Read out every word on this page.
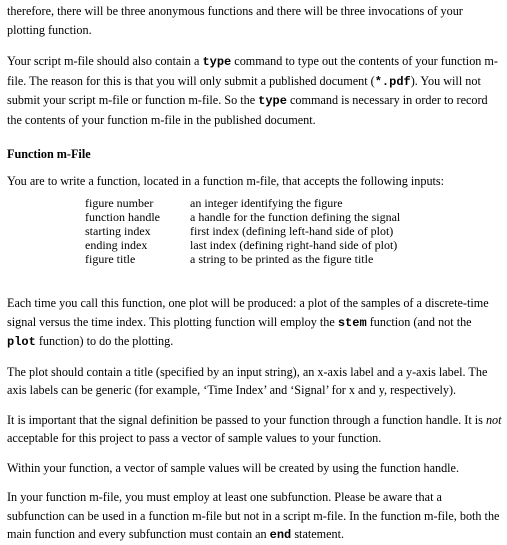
therefore, there will be three anonymous functions and there will be three invocations of your plotting function.

Your script m-file should also contain a type command to type out the contents of your function m-file. The reason for this is that you will only submit a published document (*.pdf). You will not submit your script m-file or function m-file. So the type command is necessary in order to record the contents of your function m-file in the published document.

Function m-File

You are to write a function, located in a function m-file, that accepts the following inputs:

figure number	an integer identifying the figure
function handle	a handle for the function defining the signal
starting index	first index (defining left-hand side of plot)
ending index	last index (defining right-hand side of plot)
figure title	a string to be printed as the figure title

Each time you call this function, one plot will be produced: a plot of the samples of a discrete-time signal versus the time index. This plotting function will employ the stem function (and not the plot function) to do the plotting.

The plot should contain a title (specified by an input string), an x-axis label and a y-axis label. The axis labels can be generic (for example, ‘Time Index’ and ‘Signal’ for x and y, respectively).

It is important that the signal definition be passed to your function through a function handle. It is not acceptable for this project to pass a vector of sample values to your function.

Within your function, a vector of sample values will be created by using the function handle.

In your function m-file, you must employ at least one subfunction. Please be aware that a subfunction can be used in a function m-file but not in a script m-file. In the function m-file, both the main function and every subfunction must contain an end statement.
